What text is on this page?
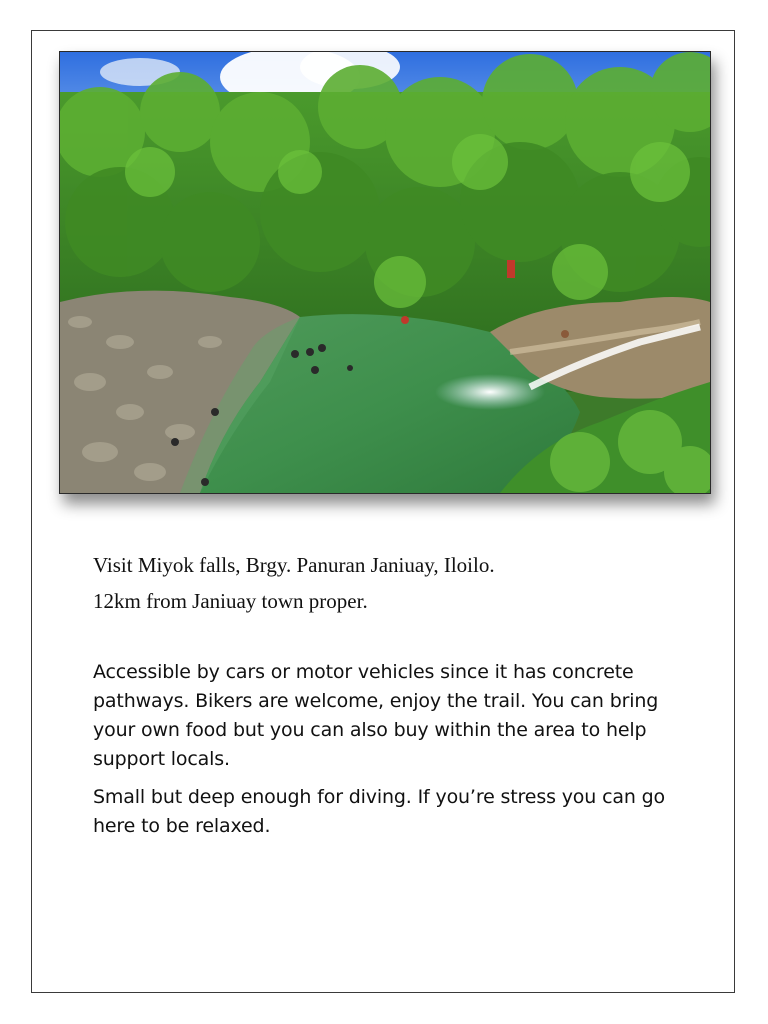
Visit Miyok falls, Brgy. Panuran Janiuay, Iloilo.
12km from Janiuay town proper.

Accessible by cars or motor vehicles since it has concrete pathways. Bikers are welcome, enjoy the trail. You can bring your own food but you can also buy within the area to help support locals.

Small but deep enough for diving. If you’re stress you can go here to be relaxed.
